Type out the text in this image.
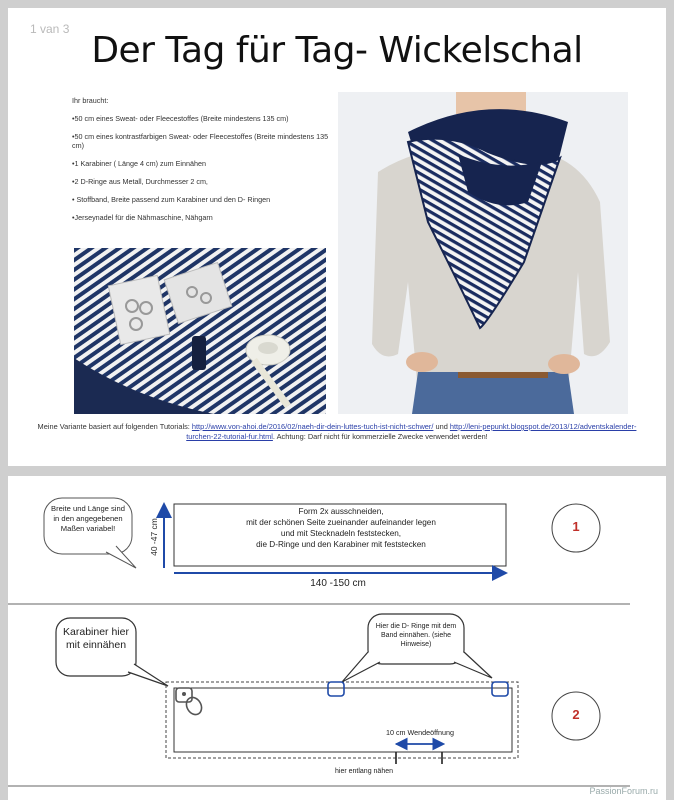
1 van 3
Der Tag für Tag- Wickelschal
Ihr braucht:
•50 cm eines Sweat- oder Fleecestoffes (Breite mindestens 135 cm)
•50 cm eines kontrastfarbigen Sweat- oder Fleecestoffes (Breite mindestens 135 cm)
•1 Karabiner ( Länge 4 cm) zum Einnähen
•2 D-Ringe aus Metall, Durchmesser 2 cm,
• Stoffband, Breite passend zum Karabiner und den D- Ringen
•Jerseynadel für die Nähmaschine, Nähgarn
Meine Variante basiert auf folgenden Tutorials: http://www.von-ahoi.de/2016/02/naeh-dir-dein-luttes-tuch-ist-nicht-schwer/ und http://leni-pepunkt.blogspot.de/2013/12/adventskalender-turchen-22-tutorial-fur.html. Achtung: Darf nicht für kommerzielle Zwecke verwendet werden!
Breite und Länge sind in den angegebenen Maßen variabel!
Form 2x ausschneiden,
mit der schönen Seite zueinander aufeinander legen
und mit Stecknadeln feststecken,
die D-Ringe und den Karabiner mit feststecken
40 -47 cm
140 -150 cm
1
Karabiner hier mit einnähen
Hier die D- Ringe mit dem Band einnähen. (siehe Hinweise)
10 cm Wendeöffnung
hier entlang nähen
2
PassionForum.ru
